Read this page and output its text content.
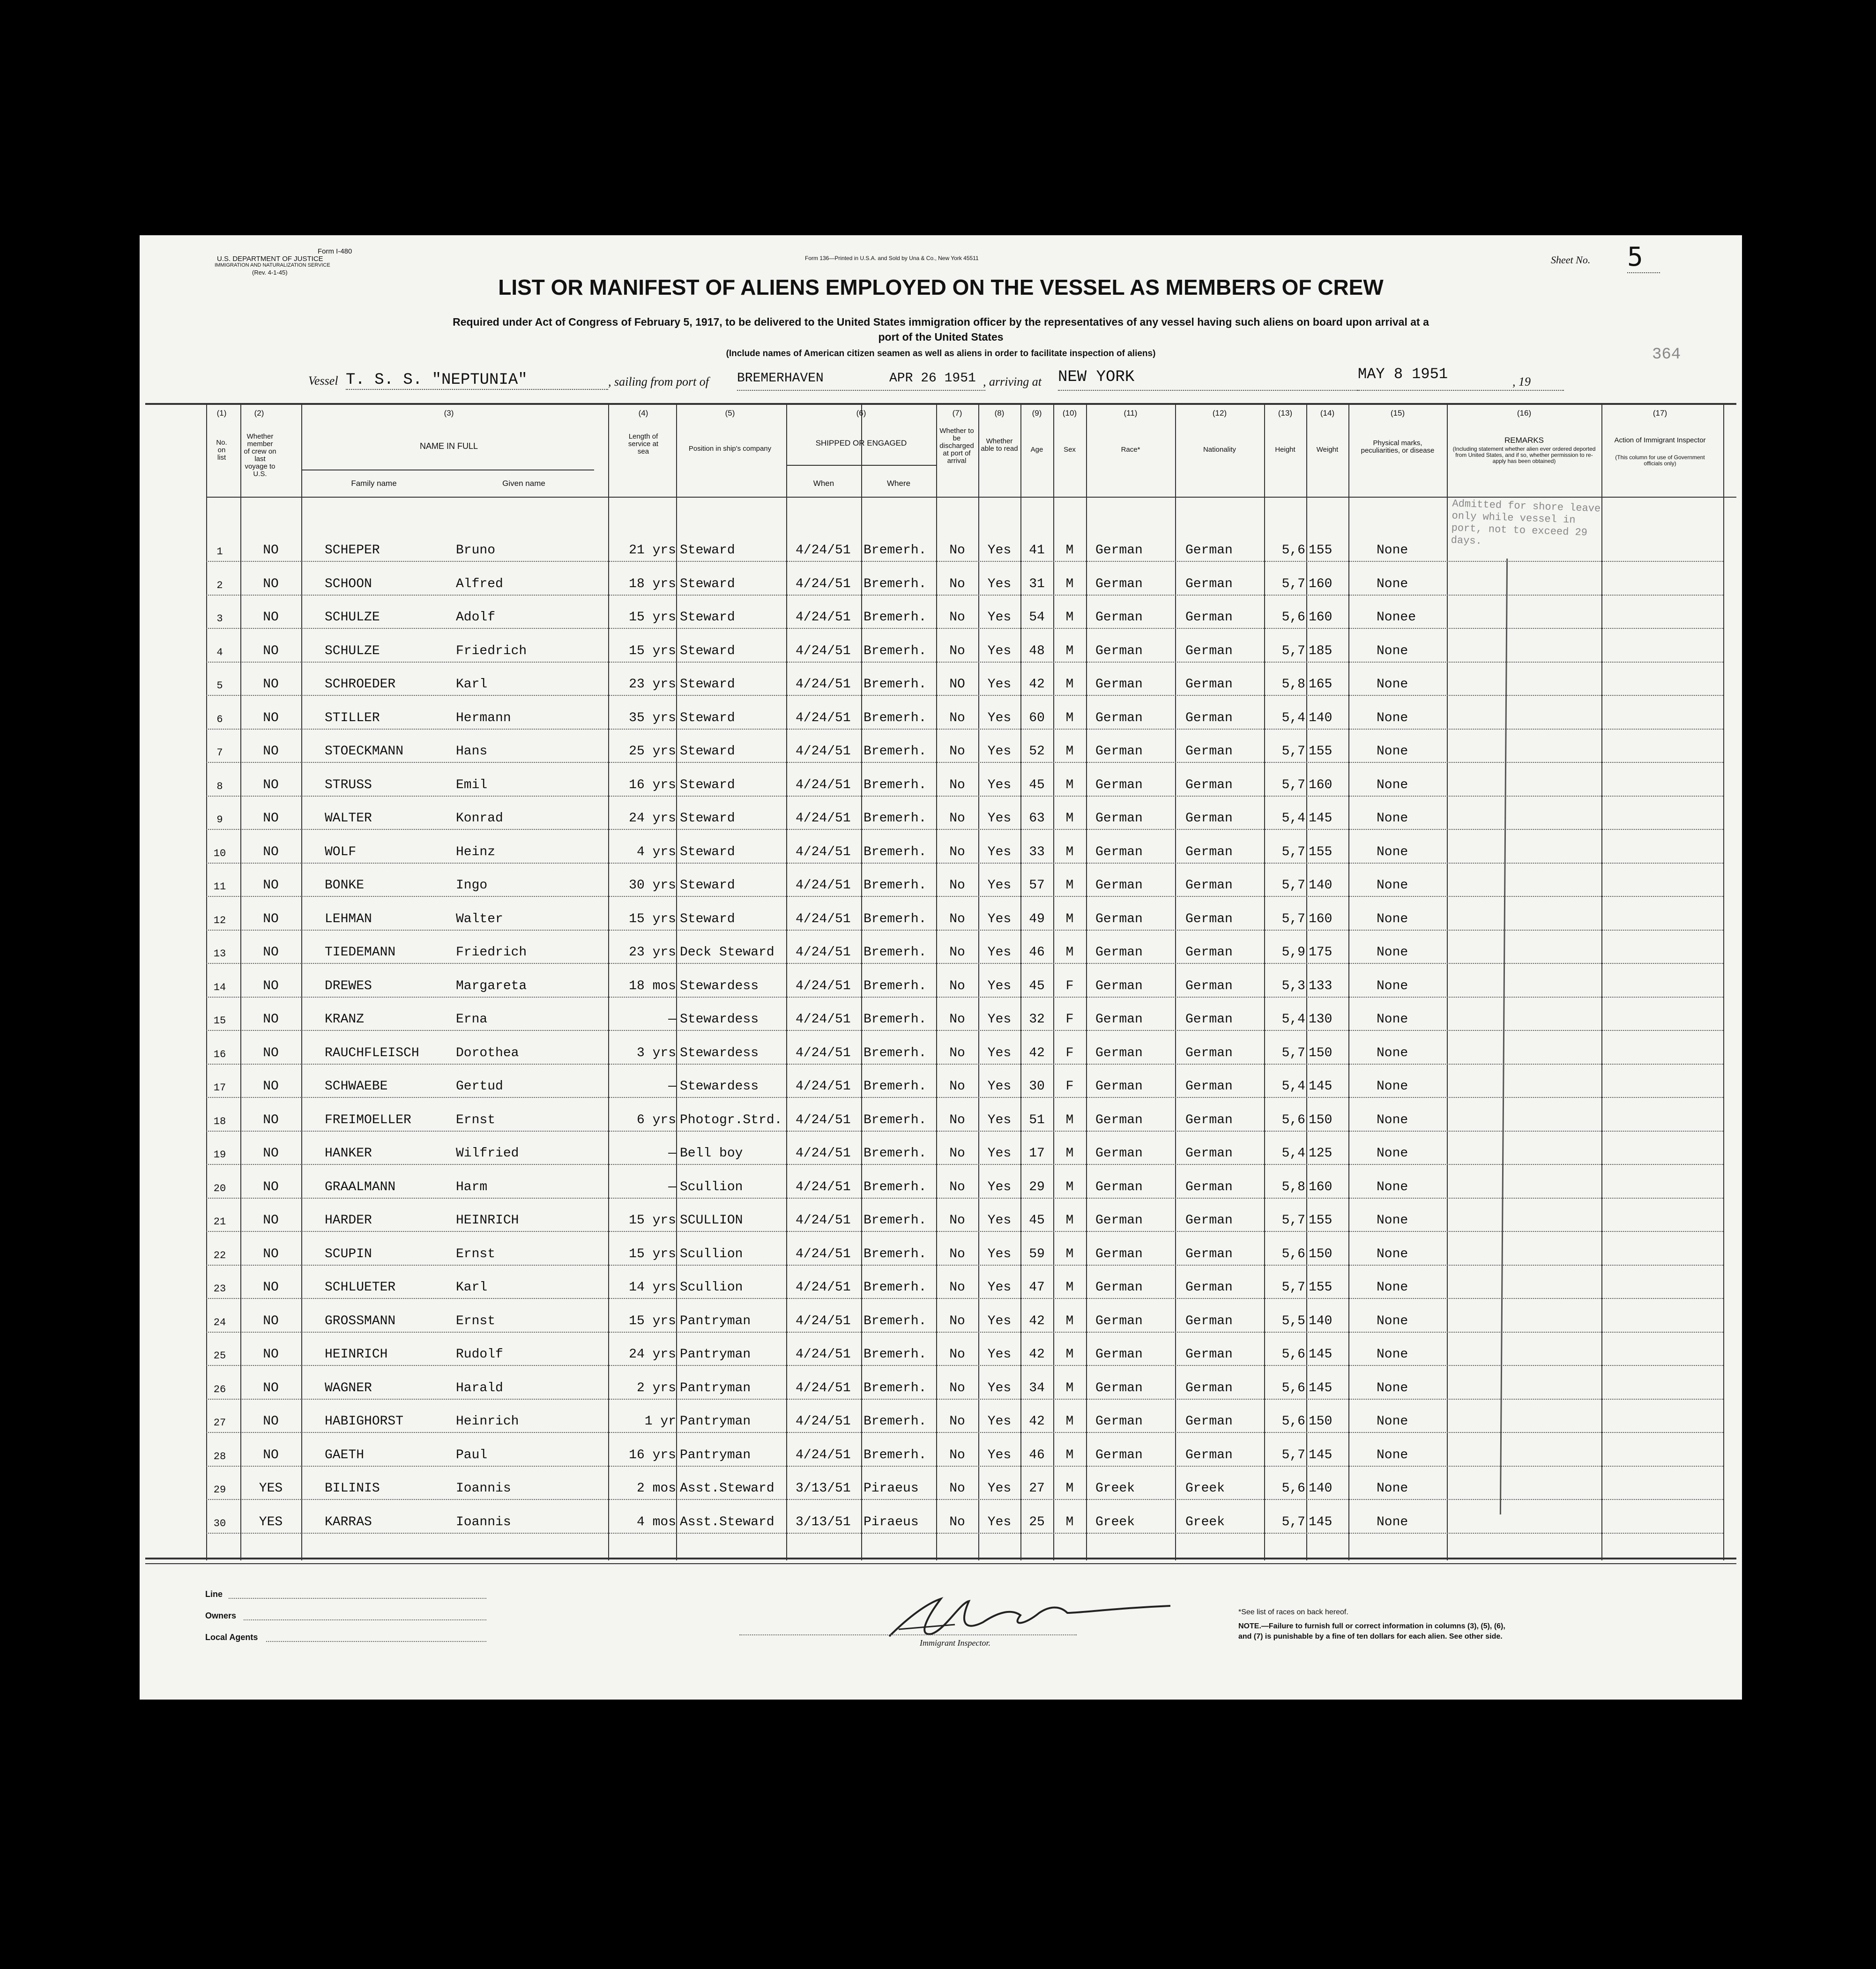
Form I-480
U.S. DEPARTMENT OF JUSTICE
IMMIGRATION AND NATURALIZATION SERVICE
(Rev. 4-1-45)
Form 136—Printed in U.S.A. and Sold by Una & Co., New York 45511	Sheet No. 5
364
LIST OR MANIFEST OF ALIENS EMPLOYED ON THE VESSEL AS MEMBERS OF CREW
Required under Act of Congress of February 5, 1917, to be delivered to the United States immigration officer by the representatives of any vessel having such aliens on board upon arrival at a
port of the United States
(Include names of American citizen seamen as well as aliens in order to facilitate inspection of aliens)
Vessel T. S. S. "NEPTUNIA"	, sailing from port of BREMERHAVEN	APR 26 1951 , arriving at NEW YORK	MAY 8 1951	, 19
(1)
No. on list
(2)
Whether member of crew on last voyage to U.S.
(3)
NAME IN FULL
Family name	Given name
(4)
Length of service at sea
(5)
Position in ship's company
(6)
SHIPPED OR ENGAGED
When	Where
(7)
Whether to be discharged at port of arrival
(8)
Whether able to read
(9)
Age
(10)
Sex
(11)
Race*
(12)
Nationality
(13)
Height
(14)
Weight
(15)
Physical marks, peculiarities, or disease
(16)
REMARKS
(Including statement whether alien ever ordered deported from United States, and if so, whether permission to re-apply has been obtained)
(17)
Action of Immigrant Inspector
(This column for use of Government officials only)
Admitted for shore leave only while vessel in port, not to exceed 29 days.
1	NO	SCHEPER	Bruno	21 yrs Steward	4/24/51 Bremerh.	No	Yes	41	M	German	German	5,6 155	None
2	NO	SCHOON	Alfred	18 yrs Steward	4/24/51 Bremerh.	No	Yes	31	M	German	German	5,7 160	None
3	NO	SCHULZE	Adolf	15 yrs Steward	4/24/51 Bremerh.	No	Yes	54	M	German	German	5,6 160	Nonee
4	NO	SCHULZE	Friedrich	15 yrs Steward	4/24/51 Bremerh.	No	Yes	48	M	German	German	5,7 185	None
5	NO	SCHROEDER	Karl	23 yrs Steward	4/24/51 Bremerh.	NO	Yes	42	M	German	German	5,8 165	None
6	NO	STILLER	Hermann	35 yrs Steward	4/24/51 Bremerh.	No	Yes	60	M	German	German	5,4 140	None
7	NO	STOECKMANN	Hans	25 yrs Steward	4/24/51 Bremerh.	No	Yes	52	M	German	German	5,7 155	None
8	NO	STRUSS	Emil	16 yrs Steward	4/24/51 Bremerh.	No	Yes	45	M	German	German	5,7 160	None
9	NO	WALTER	Konrad	24 yrs Steward	4/24/51 Bremerh.	No	Yes	63	M	German	German	5,4 145	None
10	NO	WOLF	Heinz	4 yrs Steward	4/24/51 Bremerh.	No	Yes	33	M	German	German	5,7 155	None
11	NO	BONKE	Ingo	30 yrs Steward	4/24/51 Bremerh.	No	Yes	57	M	German	German	5,7 140	None
12	NO	LEHMAN	Walter	15 yrs Steward	4/24/51 Bremerh.	No	Yes	49	M	German	German	5,7 160	None
13	NO	TIEDEMANN	Friedrich	23 yrs Deck Steward	4/24/51 Bremerh.	No	Yes	46	M	German	German	5,9 175	None
14	NO	DREWES	Margareta	18 mos Stewardess	4/24/51 Bremerh.	No	Yes	45	F	German	German	5,3 133	None
15	NO	KRANZ	Erna	— Stewardess	4/24/51 Bremerh.	No	Yes	32	F	German	German	5,4 130	None
16	NO	RAUCHFLEISCH	Dorothea	3 yrs Stewardess	4/24/51 Bremerh.	No	Yes	42	F	German	German	5,7 150	None
17	NO	SCHWAEBE	Gertud	— Stewardess	4/24/51 Bremerh.	No	Yes	30	F	German	German	5,4 145	None
18	NO	FREIMOELLER	Ernst	6 yrs Photogr.Strd.	4/24/51 Bremerh.	No	Yes	51	M	German	German	5,6 150	None
19	NO	HANKER	Wilfried	— Bell boy	4/24/51 Bremerh.	No	Yes	17	M	German	German	5,4 125	None
20	NO	GRAALMANN	Harm	— Scullion	4/24/51 Bremerh.	No	Yes	29	M	German	German	5,8 160	None
21	NO	HARDER	HEINRICH	15 yrs SCULLION	4/24/51 Bremerh.	No	Yes	45	M	German	German	5,7 155	None
22	NO	SCUPIN	Ernst	15 yrs Scullion	4/24/51 Bremerh.	No	Yes	59	M	German	German	5,6 150	None
23	NO	SCHLUETER	Karl	14 yrs Scullion	4/24/51 Bremerh.	No	Yes	47	M	German	German	5,7 155	None
24	NO	GROSSMANN	Ernst	15 yrs Pantryman	4/24/51 Bremerh.	No	Yes	42	M	German	German	5,5 140	None
25	NO	HEINRICH	Rudolf	24 yrs Pantryman	4/24/51 Bremerh.	No	Yes	42	M	German	German	5,6 145	None
26	NO	WAGNER	Harald	2 yrs Pantryman	4/24/51 Bremerh.	No	Yes	34	M	German	German	5,6 145	None
27	NO	HABIGHORST	Heinrich	1 yr Pantryman	4/24/51 Bremerh.	No	Yes	42	M	German	German	5,6 150	None
28	NO	GAETH	Paul	16 yrs Pantryman	4/24/51 Bremerh.	No	Yes	46	M	German	German	5,7 145	None
29	YES	BILINIS	Ioannis	2 mos Asst.Steward	3/13/51 Piraeus	No	Yes	27	M	Greek	Greek	5,6 140	None
30	YES	KARRAS	Ioannis	4 mos Asst.Steward	3/13/51 Piraeus	No	Yes	25	M	Greek	Greek	5,7 145	None
Line
Owners
Local Agents
Immigrant Inspector.
*See list of races on back hereof.
NOTE.—Failure to furnish full or correct information in columns (3), (5), (6), and (7) is punishable by a fine of ten dollars for each alien. See other side.
